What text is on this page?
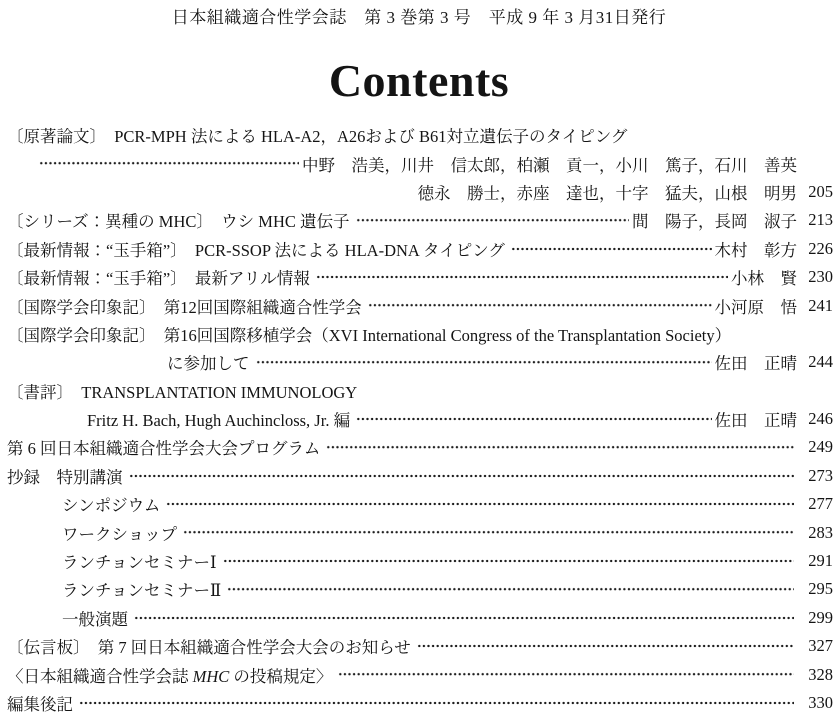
日本組織適合性学会誌　第 3 巻第 3 号　平成 9 年 3 月31日発行
Contents
〔原著論文〕　PCR-MPH 法による HLA-A2，A26および B61対立遺伝子のタイピング
中野　浩美，川井　信太郎，柏瀬　貢一，小川　篤子，石川　善英
徳永　勝士，赤座　達也，十字　猛夫，山根　明男 205
〔シリーズ：異種の MHC〕　ウシ MHC 遺伝子	間　陽子，長岡　淑子 213
〔最新情報：“玉手箱”〕　PCR-SSOP 法による HLA-DNA タイピング	木村　彰方 226
〔最新情報：“玉手箱”〕　最新アリル情報	小林　賢 230
〔国際学会印象記〕　第12回国際組織適合性学会	小河原　悟 241
〔国際学会印象記〕　第16回国際移植学会（XVI International Congress of the Transplantation Society）
に参加して	佐田　正晴 244
〔書評〕　TRANSPLANTATION IMMUNOLOGY
Fritz H. Bach, Hugh Auchincloss, Jr. 編	佐田　正晴 246
第 6 回日本組織適合性学会大会プログラム	249
抄録　特別講演	273
シンポジウム	277
ワークショップ	283
ランチョンセミナーⅠ	291
ランチョンセミナーⅡ	295
一般演題	299
〔伝言板〕　第 7 回日本組織適合性学会大会のお知らせ	327
〈日本組織適合性学会誌 MHC の投稿規定〉	328
編集後記	330
